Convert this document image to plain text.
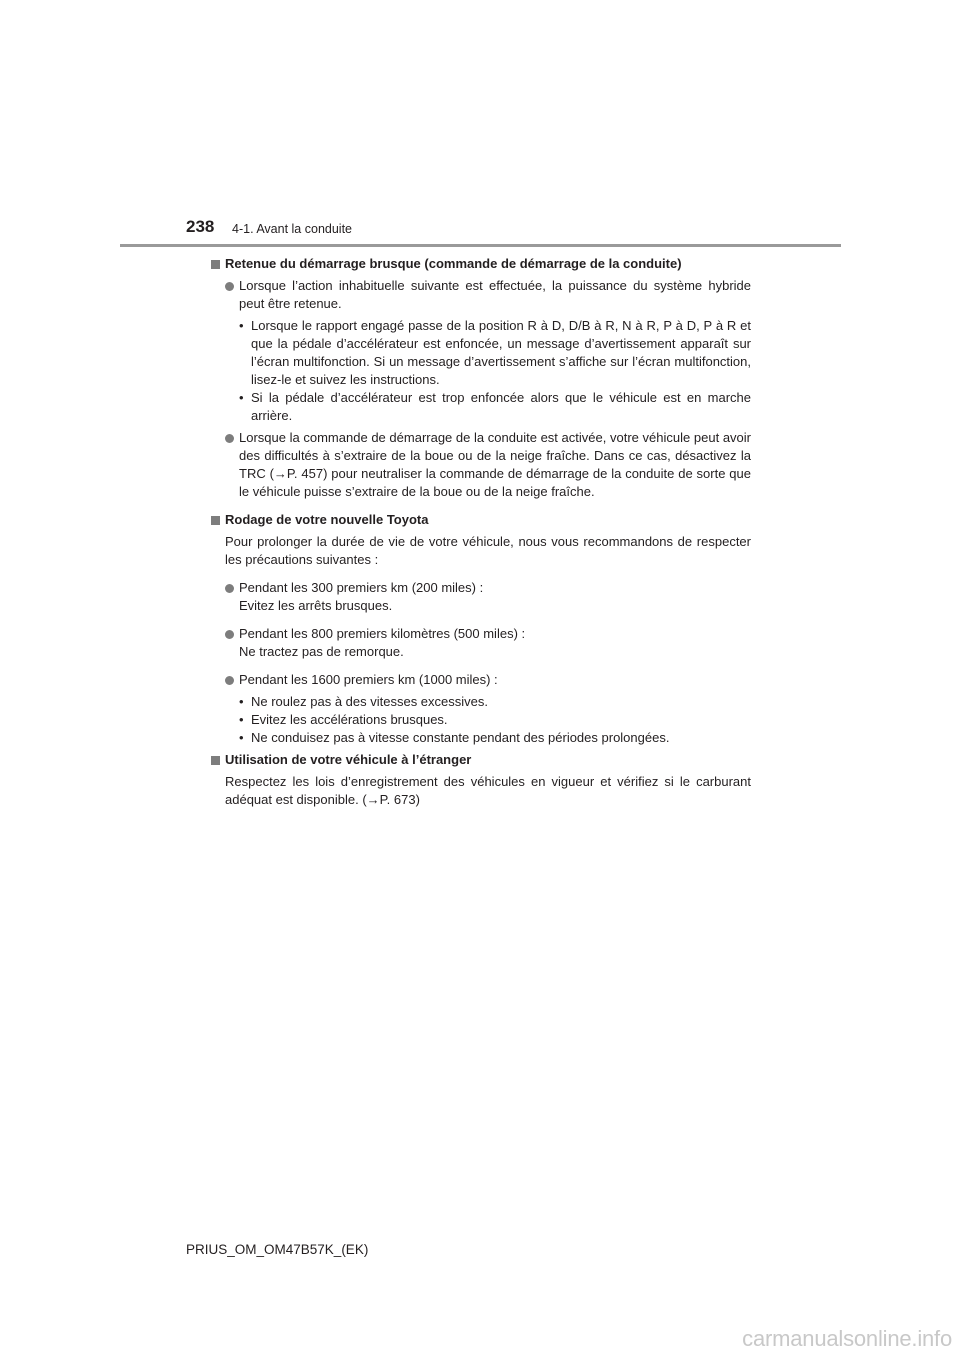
238 4-1. Avant la conduite
Retenue du démarrage brusque (commande de démarrage de la conduite)
Lorsque l’action inhabituelle suivante est effectuée, la puissance du système hybride peut être retenue.
• Lorsque le rapport engagé passe de la position R à D, D/B à R, N à R, P à D, P à R et que la pédale d’accélérateur est enfoncée, un message d’avertissement apparaît sur l’écran multifonction. Si un message d’avertissement s’affiche sur l’écran multifonction, lisez-le et suivez les instructions.
• Si la pédale d’accélérateur est trop enfoncée alors que le véhicule est en marche arrière.
Lorsque la commande de démarrage de la conduite est activée, votre véhicule peut avoir des difficultés à s’extraire de la boue ou de la neige fraîche. Dans ce cas, désactivez la TRC (→P. 457) pour neutraliser la commande de démarrage de la conduite de sorte que le véhicule puisse s’extraire de la boue ou de la neige fraîche.
Rodage de votre nouvelle Toyota
Pour prolonger la durée de vie de votre véhicule, nous vous recommandons de respecter les précautions suivantes :
Pendant les 300 premiers km (200 miles) :
Evitez les arrêts brusques.
Pendant les 800 premiers kilomètres (500 miles) :
Ne tractez pas de remorque.
Pendant les 1600 premiers km (1000 miles) :
• Ne roulez pas à des vitesses excessives.
• Evitez les accélérations brusques.
• Ne conduisez pas à vitesse constante pendant des périodes prolongées.
Utilisation de votre véhicule à l’étranger
Respectez les lois d’enregistrement des véhicules en vigueur et vérifiez si le carburant adéquat est disponible. (→P. 673)
PRIUS_OM_OM47B57K_(EK)
carmanualsonline.info
